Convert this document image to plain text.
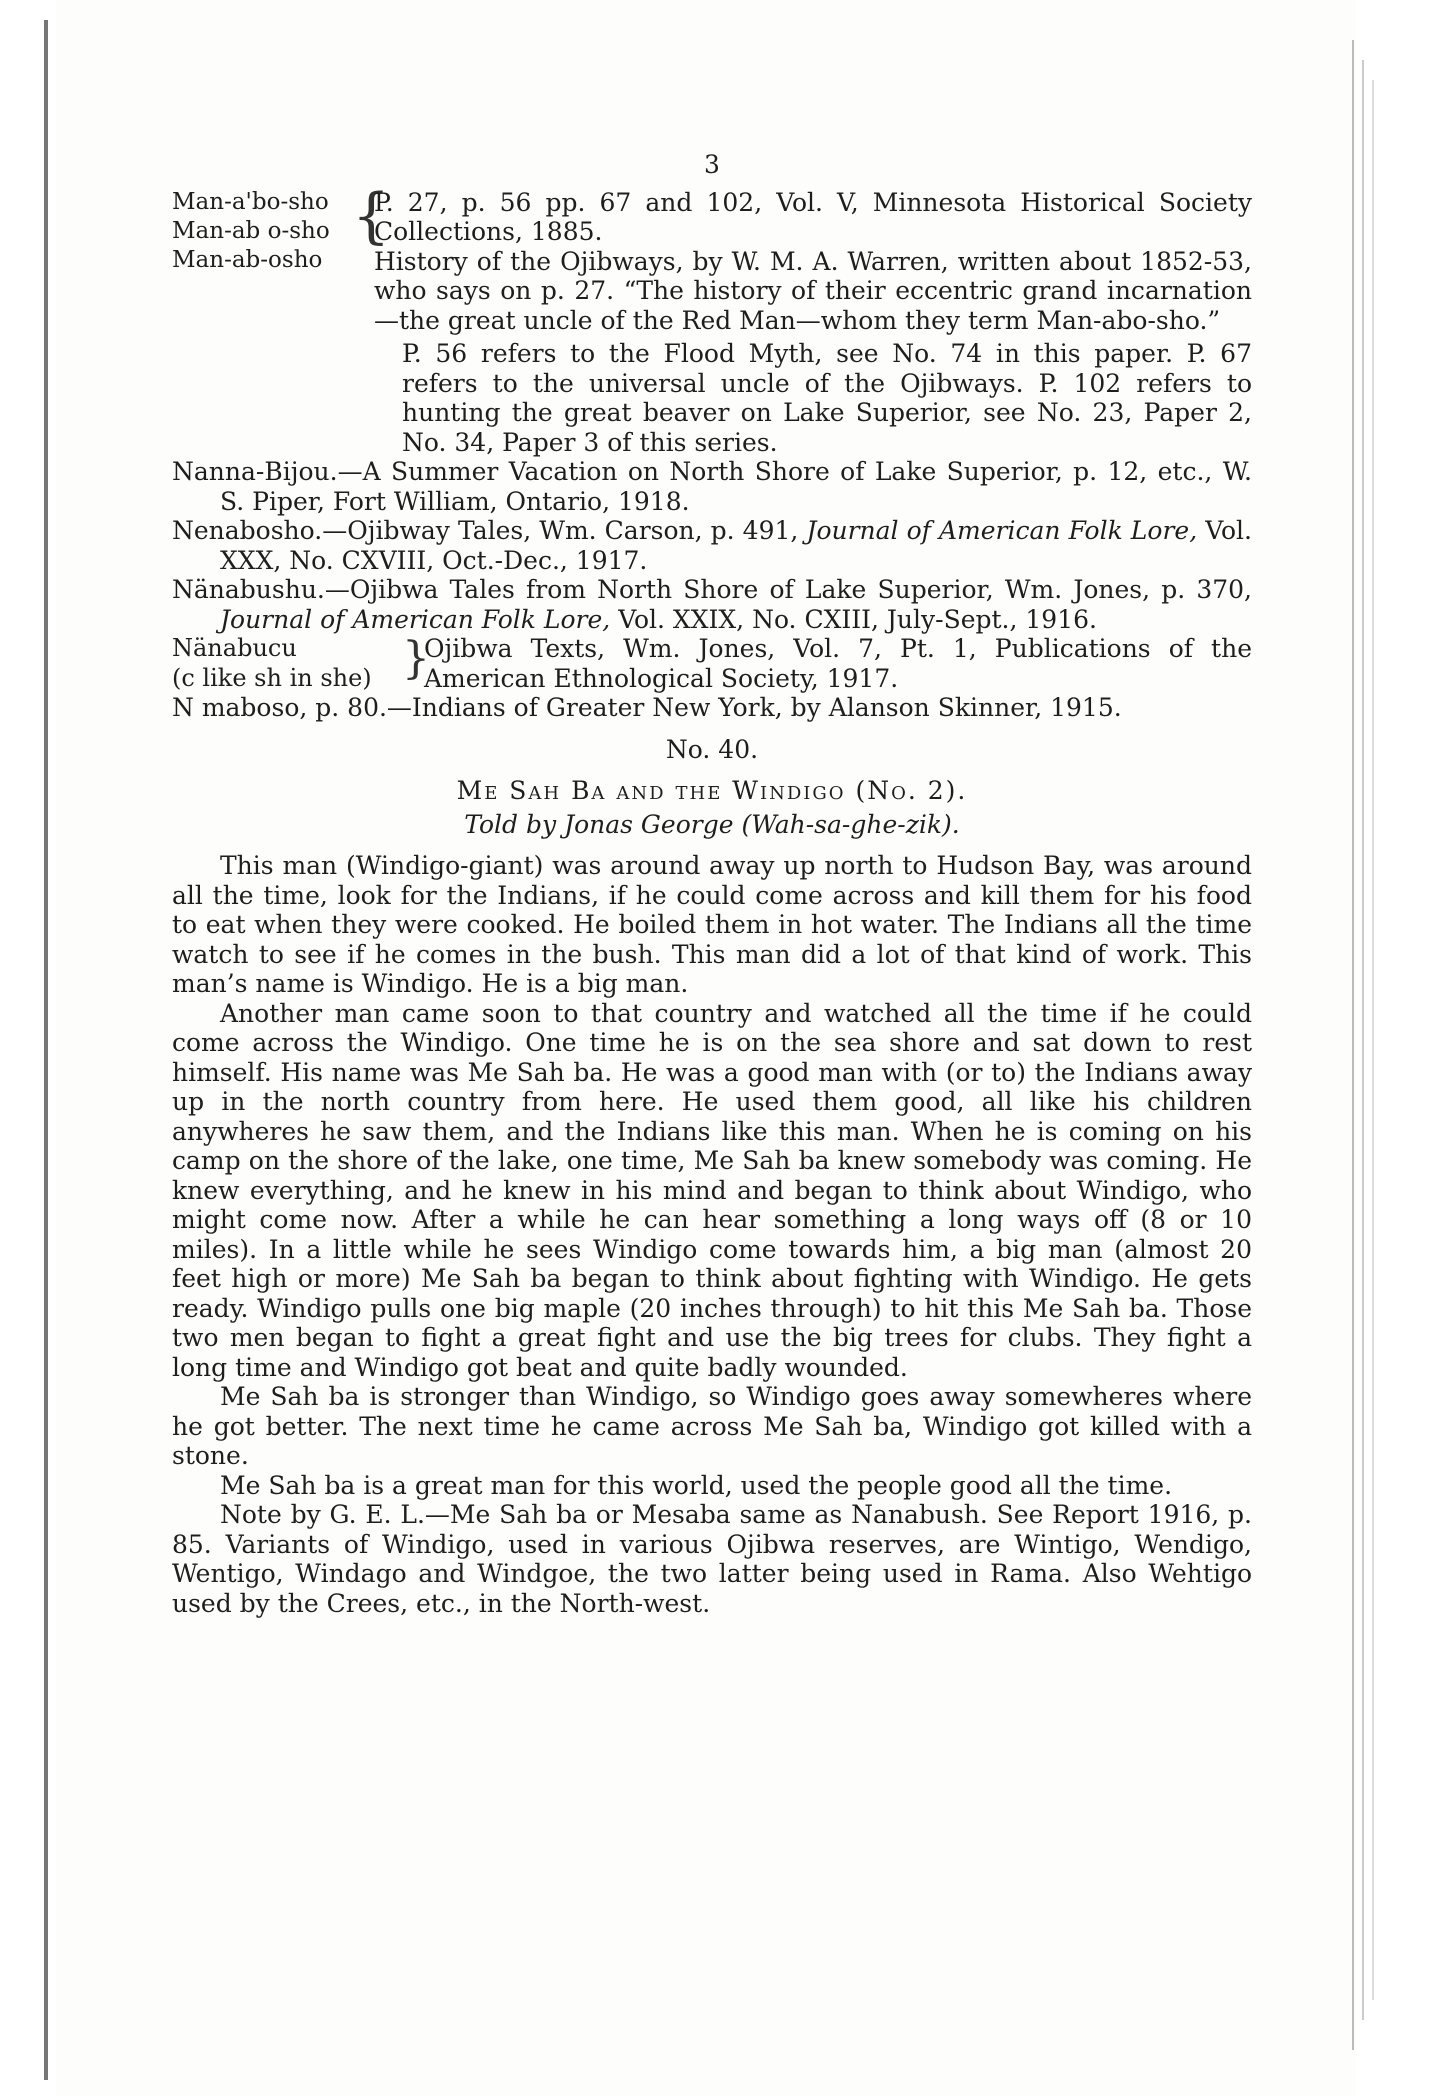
3
Man-a'bo-sho
Man-ab o-sho
Man-ab-osho
{
P. 27, p. 56 pp. 67 and 102, Vol. V, Minnesota Historical Society Collections, 1885.
History of the Ojibways, by W. M. A. Warren, written about 1852-53, who says on p. 27. “The history of their eccentric grand incarnation—the great uncle of the Red Man—whom they term Man-abo-sho.”

P. 56 refers to the Flood Myth, see No. 74 in this paper. P. 67 refers to the universal uncle of the Ojibways. P. 102 refers to hunting the great beaver on Lake Superior, see No. 23, Paper 2, No. 34, Paper 3 of this series.

Nanna-Bijou.—A Summer Vacation on North Shore of Lake Superior, p. 12, etc., W. S. Piper, Fort William, Ontario, 1918.

Nenabosho.—Ojibway Tales, Wm. Carson, p. 491, Journal of American Folk Lore, Vol. XXX, No. CXVIII, Oct.-Dec., 1917.

Nänabushu.—Ojibwa Tales from North Shore of Lake Superior, Wm. Jones, p. 370, Journal of American Folk Lore, Vol. XXIX, No. CXIII, July-Sept., 1916.

Nänabucu
(c like sh in she) }
Ojibwa Texts, Wm. Jones, Vol. 7, Pt. 1, Publications of the American Ethnological Society, 1917.

N maboso, p. 80.—Indians of Greater New York, by Alanson Skinner, 1915.

No. 40.
Me Sah Ba and the Windigo (No. 2).
Told by Jonas George (Wah-sa-ghe-zik).

This man (Windigo-giant) was around away up north to Hudson Bay, was around all the time, look for the Indians, if he could come across and kill them for his food to eat when they were cooked. He boiled them in hot water. The Indians all the time watch to see if he comes in the bush. This man did a lot of that kind of work. This man’s name is Windigo. He is a big man.

Another man came soon to that country and watched all the time if he could come across the Windigo. One time he is on the sea shore and sat down to rest himself. His name was Me Sah ba. He was a good man with (or to) the Indians away up in the north country from here. He used them good, all like his children anywheres he saw them, and the Indians like this man. When he is coming on his camp on the shore of the lake, one time, Me Sah ba knew somebody was coming. He knew everything, and he knew in his mind and began to think about Windigo, who might come now. After a while he can hear something a long ways off (8 or 10 miles). In a little while he sees Windigo come towards him, a big man (almost 20 feet high or more) Me Sah ba began to think about fighting with Windigo. He gets ready. Windigo pulls one big maple (20 inches through) to hit this Me Sah ba. Those two men began to fight a great fight and use the big trees for clubs. They fight a long time and Windigo got beat and quite badly wounded.

Me Sah ba is stronger than Windigo, so Windigo goes away somewheres where he got better. The next time he came across Me Sah ba, Windigo got killed with a stone.

Me Sah ba is a great man for this world, used the people good all the time.

Note by G. E. L.—Me Sah ba or Mesaba same as Nanabush. See Report 1916, p. 85. Variants of Windigo, used in various Ojibwa reserves, are Wintigo, Wendigo, Wentigo, Windago and Windgoe, the two latter being used in Rama. Also Wehtigo used by the Crees, etc., in the North-west.
